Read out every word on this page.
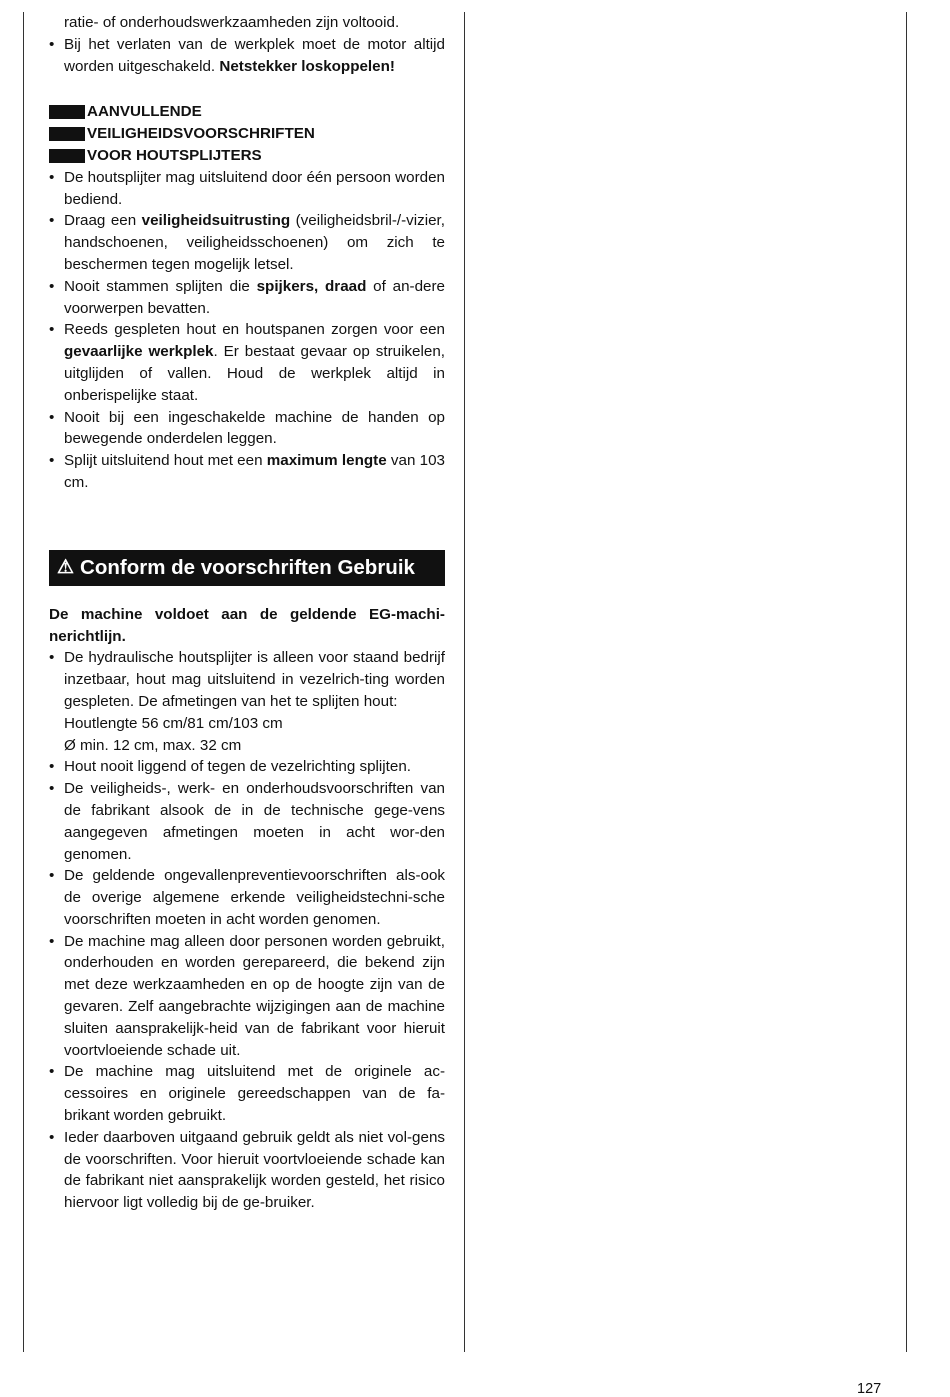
ratie- of onderhoudswerkzaamheden zijn voltooid.

• Bij het verlaten van de werkplek moet de motor altijd worden uitgeschakeld. Netstekker loskoppelen!

AANVULLENDE
VEILIGHEIDSVOORSCHRIFTEN
VOOR HOUTSPLIJTERS

• De houtsplijter mag uitsluitend door één persoon worden bediend.

• Draag een veiligheidsuitrusting (veiligheidsbril-/-vizier, handschoenen, veiligheidsschoenen) om zich te beschermen tegen mogelijk letsel.

• Nooit stammen splijten die spijkers, draad of an-dere voorwerpen bevatten.

• Reeds gespleten hout en houtspanen zorgen voor een gevaarlijke werkplek. Er bestaat gevaar op struikelen, uitglijden of vallen. Houd de werkplek altijd in onberispelijke staat.

• Nooit bij een ingeschakelde machine de handen op bewegende onderdelen leggen.

• Splijt uitsluitend hout met een maximum lengte van 103 cm.

⚠ Conform de voorschriften Gebruik

De machine voldoet aan de geldende EG-machi-nerichtlijn.

• De hydraulische houtsplijter is alleen voor staand bedrijf inzetbaar, hout mag uitsluitend in vezelrich-ting worden gespleten. De afmetingen van het te splijten hout:

Houtlengte 56 cm/81 cm/103 cm

Ø min. 12 cm, max. 32 cm

• Hout nooit liggend of tegen de vezelrichting splijten.

• De veiligheids-, werk- en onderhoudsvoorschriften van de fabrikant alsook de in de technische gege-vens aangegeven afmetingen moeten in acht wor-den genomen.

• De geldende ongevallenpreventievoorschriften als-ook de overige algemene erkende veiligheidstechni-sche voorschriften moeten in acht worden genomen.

• De machine mag alleen door personen worden gebruikt, onderhouden en worden gerepareerd, die bekend zijn met deze werkzaamheden en op de hoogte zijn van de gevaren. Zelf aangebrachte wijzigingen aan de machine sluiten aansprakelijk-heid van de fabrikant voor hieruit voortvloeiende schade uit.

• De machine mag uitsluitend met de originele ac-cessoires en originele gereedschappen van de fa-brikant worden gebruikt.

• Ieder daarboven uitgaand gebruik geldt als niet vol-gens de voorschriften. Voor hieruit voortvloeiende schade kan de fabrikant niet aansprakelijk worden gesteld, het risico hiervoor ligt volledig bij de ge-bruiker.

127
